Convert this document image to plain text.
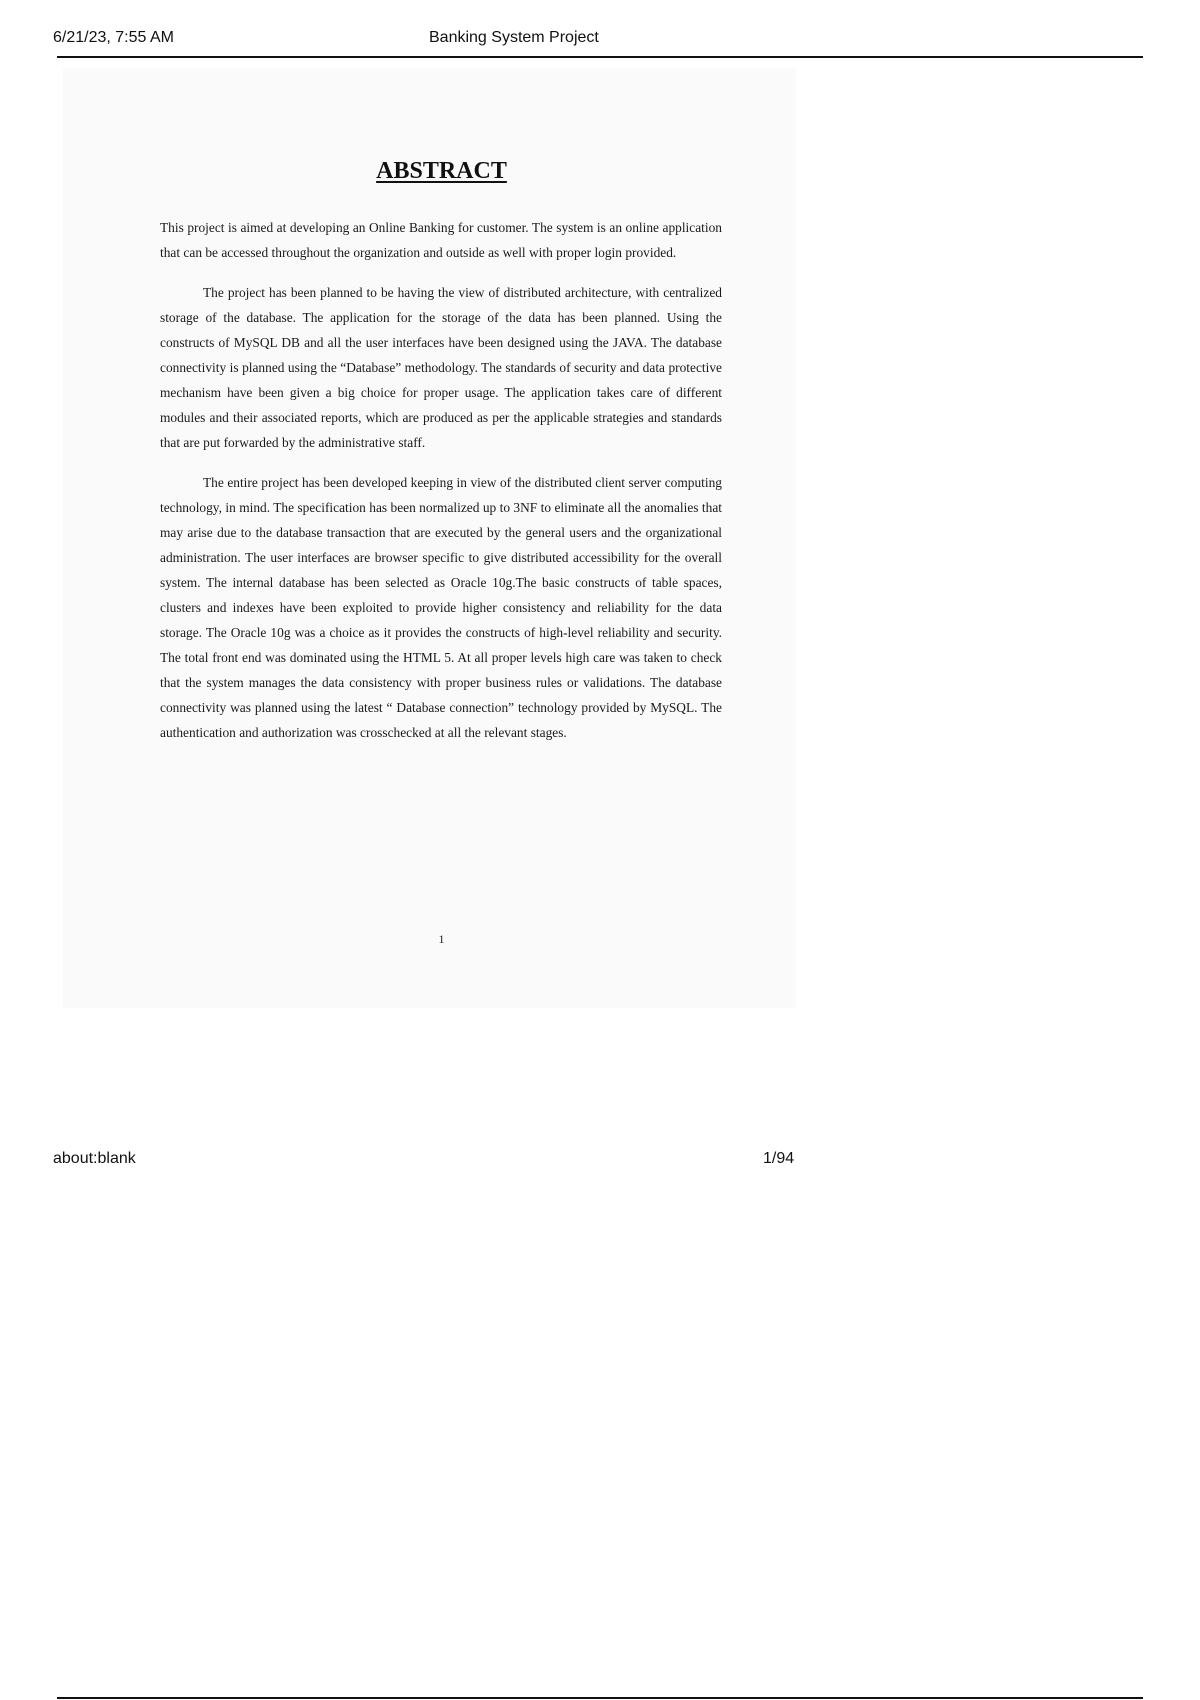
6/21/23, 7:55 AM	Banking System Project
ABSTRACT

This project is aimed at developing an Online Banking for customer. The system is an online application that can be accessed throughout the organization and outside as well with proper login provided.

The project has been planned to be having the view of distributed architecture, with centralized storage of the database. The application for the storage of the data has been planned. Using the constructs of MySQL DB and all the user interfaces have been designed using the JAVA. The database connectivity is planned using the “Database” methodology. The standards of security and data protective mechanism have been given a big choice for proper usage. The application takes care of different modules and their associated reports, which are produced as per the applicable strategies and standards that are put forwarded by the administrative staff.

The entire project has been developed keeping in view of the distributed client server computing technology, in mind. The specification has been normalized up to 3NF to eliminate all the anomalies that may arise due to the database transaction that are executed by the general users and the organizational administration. The user interfaces are browser specific to give distributed accessibility for the overall system. The internal database has been selected as Oracle 10g.The basic constructs of table spaces, clusters and indexes have been exploited to provide higher consistency and reliability for the data storage. The Oracle 10g was a choice as it provides the constructs of high-level reliability and security. The total front end was dominated using the HTML 5. At all proper levels high care was taken to check that the system manages the data consistency with proper business rules or validations. The database connectivity was planned using the latest “ Database connection” technology provided by MySQL. The authentication and authorization was crosschecked at all the relevant stages.

1
about:blank	1/94
